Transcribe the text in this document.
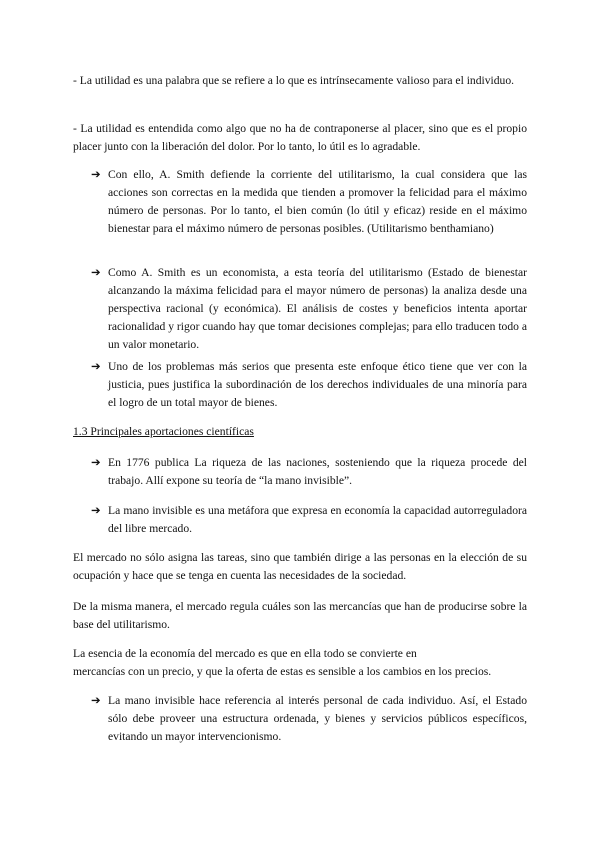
- La utilidad es una palabra que se refiere a lo que es intrínsecamente valioso para el individuo.

- La utilidad es entendida como algo que no ha de contraponerse al placer, sino que es el propio placer junto con la liberación del dolor. Por lo tanto, lo útil es lo agradable.

➔ Con ello, A. Smith defiende la corriente del utilitarismo, la cual considera que las acciones son correctas en la medida que tienden a promover la felicidad para el máximo número de personas. Por lo tanto, el bien común (lo útil y eficaz) reside en el máximo bienestar para el máximo número de personas posibles. (Utilitarismo benthamiano)
➔ Como A. Smith es un economista, a esta teoría del utilitarismo (Estado de bienestar alcanzando la máxima felicidad para el mayor número de personas) la analiza desde una perspectiva racional (y económica). El análisis de costes y beneficios intenta aportar racionalidad y rigor cuando hay que tomar decisiones complejas; para ello traducen todo a un valor monetario.
➔ Uno de los problemas más serios que presenta este enfoque ético tiene que ver con la justicia, pues justifica la subordinación de los derechos individuales de una minoría para el logro de un total mayor de bienes.

1.3 Principales aportaciones científicas

➔ En 1776 publica La riqueza de las naciones, sosteniendo que la riqueza procede del trabajo. Allí expone su teoría de “la mano invisible”.
➔ La mano invisible es una metáfora que expresa en economía la capacidad autorreguladora del libre mercado.

El mercado no sólo asigna las tareas, sino que también dirige a las personas en la elección de su ocupación y hace que se tenga en cuenta las necesidades de la sociedad.

De la misma manera, el mercado regula cuáles son las mercancías que han de producirse sobre la base del utilitarismo.

La esencia de la economía del mercado es que en ella todo se convierte en
mercancías con un precio, y que la oferta de estas es sensible a los cambios en los precios.

➔ La mano invisible hace referencia al interés personal de cada individuo. Así, el Estado sólo debe proveer una estructura ordenada, y bienes y servicios públicos específicos, evitando un mayor intervencionismo.
